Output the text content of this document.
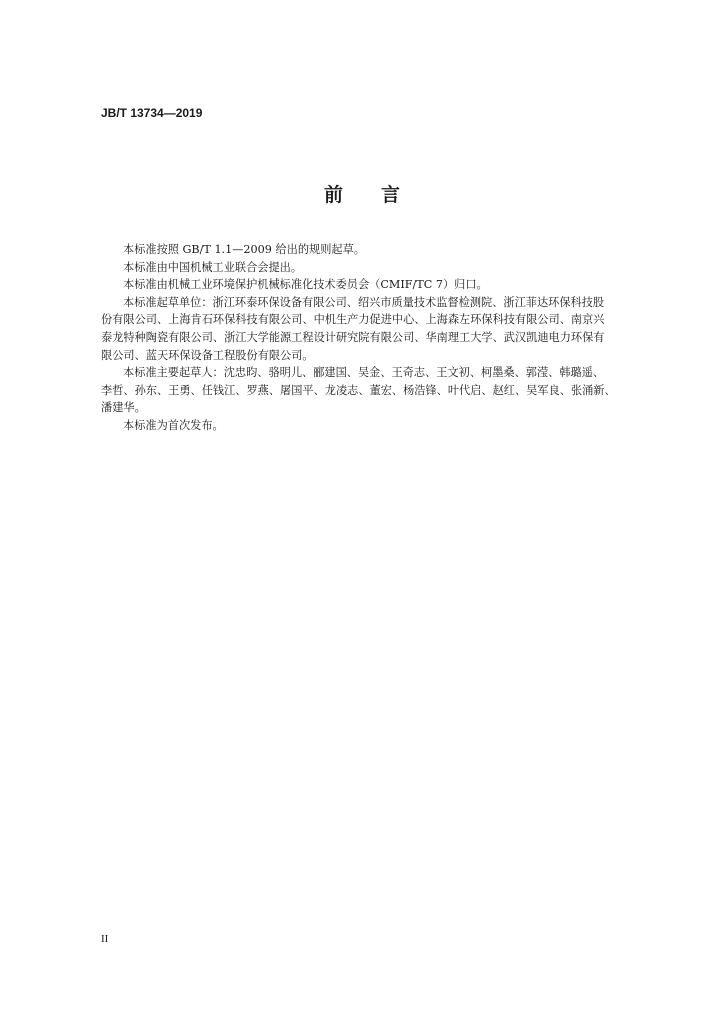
JB/T 13734—2019
前 言
本标准按照 GB/T 1.1—2009 给出的规则起草。
本标准由中国机械工业联合会提出。
本标准由机械工业环境保护机械标准化技术委员会（CMIF/TC 7）归口。
本标准起草单位：浙江环泰环保设备有限公司、绍兴市质量技术监督检测院、浙江菲达环保科技股
份有限公司、上海肯石环保科技有限公司、中机生产力促进中心、上海森左环保科技有限公司、南京兴
泰龙特种陶瓷有限公司、浙江大学能源工程设计研究院有限公司、华南理工大学、武汉凯迪电力环保有
限公司、蓝天环保设备工程股份有限公司。
本标准主要起草人：沈忠昀、骆明儿、郦建国、吴金、王奇志、王文初、柯墨桑、郭滢、韩璐遥、
李哲、孙东、王勇、任钱江、罗燕、屠国平、龙凌志、董宏、杨浩锋、叶代启、赵红、吴军良、张涌新、
潘建华。
本标准为首次发布。
II
